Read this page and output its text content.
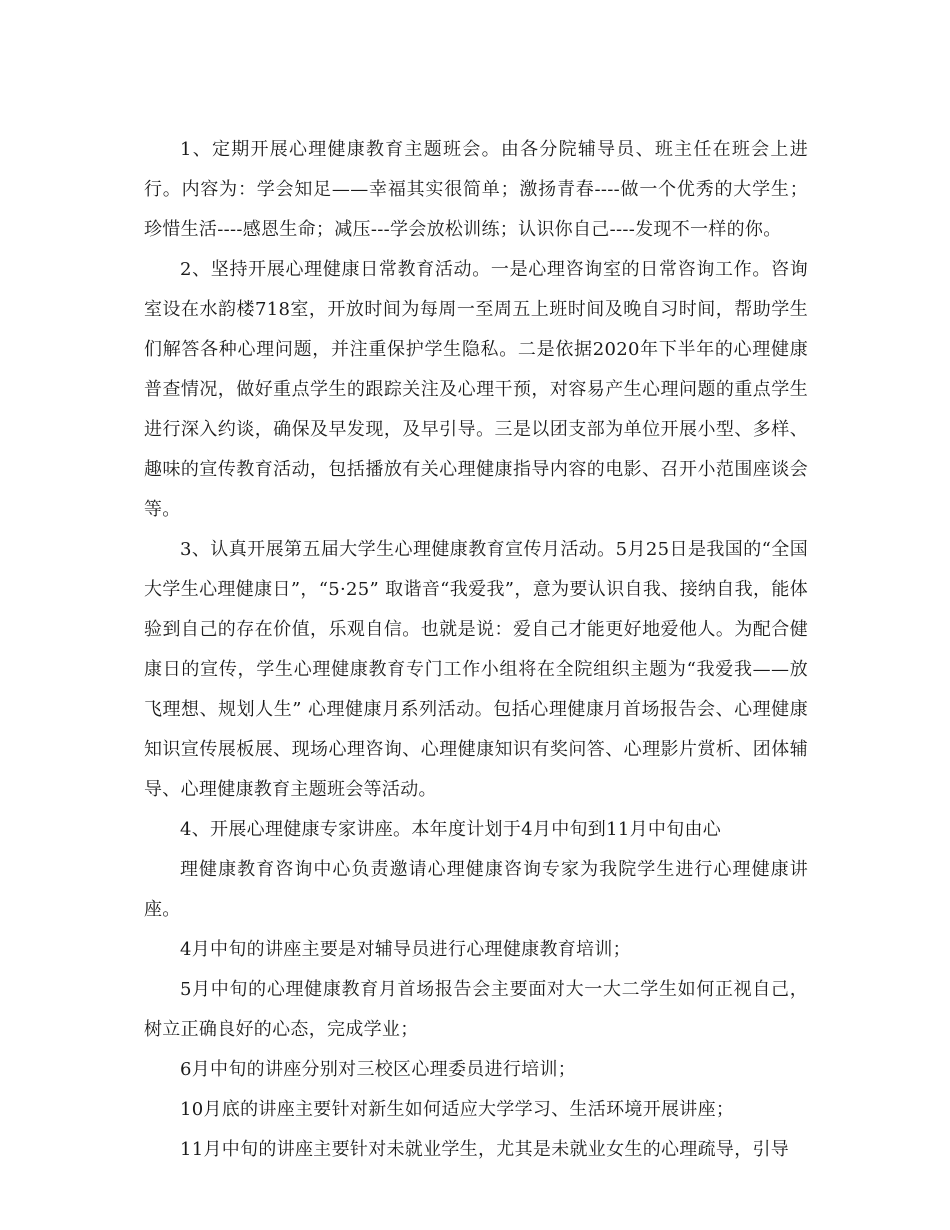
1、定期开展心理健康教育主题班会。由各分院辅导员、班主任在班会上进行。内容为：学会知足——幸福其实很简单；激扬青春----做一个优秀的大学生；珍惜生活----感恩生命；减压---学会放松训练；认识你自己----发现不一样的你。

2、坚持开展心理健康日常教育活动。一是心理咨询室的日常咨询工作。咨询室设在水韵楼718室，开放时间为每周一至周五上班时间及晚自习时间，帮助学生们解答各种心理问题，并注重保护学生隐私。二是依据2020年下半年的心理健康普查情况，做好重点学生的跟踪关注及心理干预，对容易产生心理问题的重点学生进行深入约谈，确保及早发现，及早引导。三是以团支部为单位开展小型、多样、趣味的宣传教育活动，包括播放有关心理健康指导内容的电影、召开小范围座谈会等。

3、认真开展第五届大学生心理健康教育宣传月活动。5月25日是我国的“全国大学生心理健康日”，“5·25” 取谐音“我爱我”，意为要认识自我、接纳自我，能体验到自己的存在价值，乐观自信。也就是说：爱自己才能更好地爱他人。为配合健康日的宣传，学生心理健康教育专门工作小组将在全院组织主题为“我爱我——放飞理想、规划人生” 心理健康月系列活动。包括心理健康月首场报告会、心理健康知识宣传展板展、现场心理咨询、心理健康知识有奖问答、心理影片赏析、团体辅导、心理健康教育主题班会等活动。

4、开展心理健康专家讲座。本年度计划于4月中旬到11月中旬由心

理健康教育咨询中心负责邀请心理健康咨询专家为我院学生进行心理健康讲座。

4月中旬的讲座主要是对辅导员进行心理健康教育培训；

5月中旬的心理健康教育月首场报告会主要面对大一大二学生如何正视自己，树立正确良好的心态，完成学业；

6月中旬的讲座分别对三校区心理委员进行培训；

10月底的讲座主要针对新生如何适应大学学习、生活环境开展讲座；

11月中旬的讲座主要针对未就业学生，尤其是未就业女生的心理疏导，引导
